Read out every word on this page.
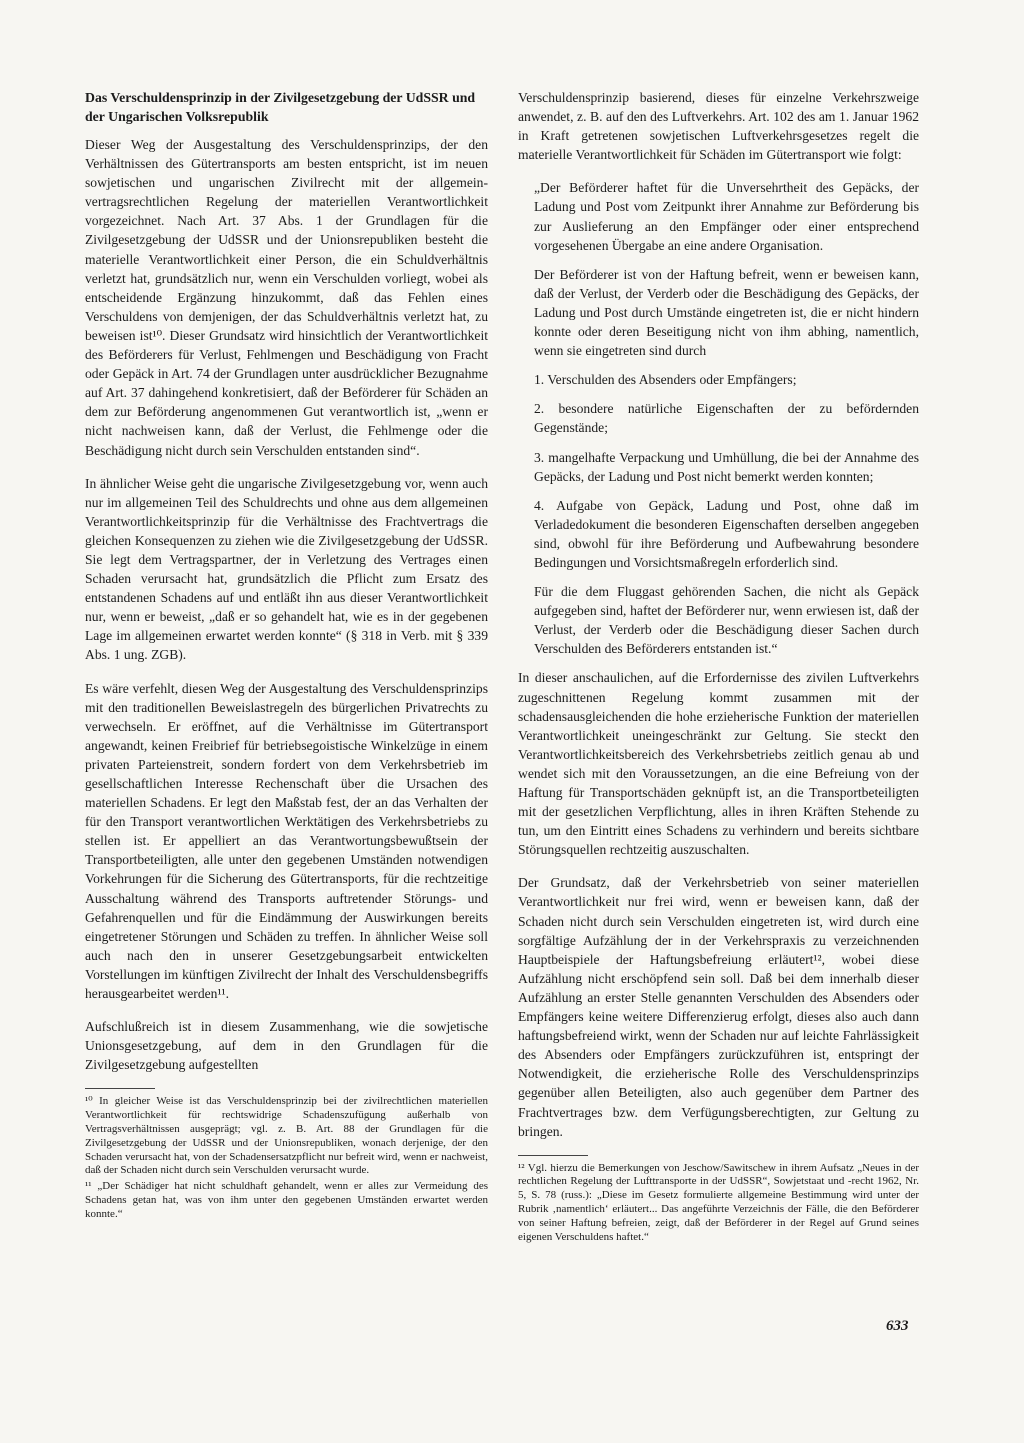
Das Verschuldensprinzip in der Zivilgesetzgebung der UdSSR und der Ungarischen Volksrepublik

Dieser Weg der Ausgestaltung des Verschuldensprinzips, der den Verhältnissen des Gütertransports am besten entspricht, ist im neuen sowjetischen und ungarischen Zivilrecht mit der allgemein-vertragsrechtlichen Regelung der materiellen Verantwortlichkeit vorgezeichnet. Nach Art. 37 Abs. 1 der Grundlagen für die Zivilgesetzgebung der UdSSR und der Unionsrepubliken besteht die materielle Verantwortlichkeit einer Person, die ein Schuldverhältnis verletzt hat, grundsätzlich nur, wenn ein Verschulden vorliegt, wobei als entscheidende Ergänzung hinzukommt, daß das Fehlen eines Verschuldens von demjenigen, der das Schuldverhältnis verletzt hat, zu beweisen ist¹⁰. Dieser Grundsatz wird hinsichtlich der Verantwortlichkeit des Beförderers für Verlust, Fehlmengen und Beschädigung von Fracht oder Gepäck in Art. 74 der Grundlagen unter ausdrücklicher Bezugnahme auf Art. 37 dahingehend konkretisiert, daß der Beförderer für Schäden an dem zur Beförderung angenommenen Gut verantwortlich ist, „wenn er nicht nachweisen kann, daß der Verlust, die Fehlmenge oder die Beschädigung nicht durch sein Verschulden entstanden sind“.

In ähnlicher Weise geht die ungarische Zivilgesetzgebung vor, wenn auch nur im allgemeinen Teil des Schuldrechts und ohne aus dem allgemeinen Verantwortlichkeitsprinzip für die Verhältnisse des Frachtvertrags die gleichen Konsequenzen zu ziehen wie die Zivilgesetzgebung der UdSSR. Sie legt dem Vertragspartner, der in Verletzung des Vertrages einen Schaden verursacht hat, grundsätzlich die Pflicht zum Ersatz des entstandenen Schadens auf und entläßt ihn aus dieser Verantwortlichkeit nur, wenn er beweist, „daß er so gehandelt hat, wie es in der gegebenen Lage im allgemeinen erwartet werden konnte“ (§ 318 in Verb. mit § 339 Abs. 1 ung. ZGB).

Es wäre verfehlt, diesen Weg der Ausgestaltung des Verschuldensprinzips mit den traditionellen Beweislastregeln des bürgerlichen Privatrechts zu verwechseln. Er eröffnet, auf die Verhältnisse im Gütertransport angewandt, keinen Freibrief für betriebsegoistische Winkelzüge in einem privaten Parteienstreit, sondern fordert von dem Verkehrsbetrieb im gesellschaftlichen Interesse Rechenschaft über die Ursachen des materiellen Schadens. Er legt den Maßstab fest, der an das Verhalten der für den Transport verantwortlichen Werktätigen des Verkehrsbetriebs zu stellen ist. Er appelliert an das Verantwortungsbewußtsein der Transportbeteiligten, alle unter den gegebenen Umständen notwendigen Vorkehrungen für die Sicherung des Gütertransports, für die rechtzeitige Ausschaltung während des Transports auftretender Störungs- und Gefahrenquellen und für die Eindämmung der Auswirkungen bereits eingetretener Störungen und Schäden zu treffen. In ähnlicher Weise soll auch nach den in unserer Gesetzgebungsarbeit entwickelten Vorstellungen im künftigen Zivilrecht der Inhalt des Verschuldensbegriffs herausgearbeitet werden¹¹.

Aufschlußreich ist in diesem Zusammenhang, wie die sowjetische Unionsgesetzgebung, auf dem in den Grundlagen für die Zivilgesetzgebung aufgestellten

¹⁰ In gleicher Weise ist das Verschuldensprinzip bei der zivilrechtlichen materiellen Verantwortlichkeit für rechtswidrige Schadenszufügung außerhalb von Vertragsverhältnissen ausgeprägt; vgl. z. B. Art. 88 der Grundlagen für die Zivilgesetzgebung der UdSSR und der Unionsrepubliken, wonach derjenige, der den Schaden verursacht hat, von der Schadensersatzpflicht nur befreit wird, wenn er nachweist, daß der Schaden nicht durch sein Verschulden verursacht wurde.

¹¹ „Der Schädiger hat nicht schuldhaft gehandelt, wenn er alles zur Vermeidung des Schadens getan hat, was von ihm unter den gegebenen Umständen erwartet werden konnte.“

Verschuldensprinzip basierend, dieses für einzelne Verkehrszweige anwendet, z. B. auf den des Luftverkehrs. Art. 102 des am 1. Januar 1962 in Kraft getretenen sowjetischen Luftverkehrsgesetzes regelt die materielle Verantwortlichkeit für Schäden im Gütertransport wie folgt:

„Der Beförderer haftet für die Unversehrtheit des Gepäcks, der Ladung und Post vom Zeitpunkt ihrer Annahme zur Beförderung bis zur Auslieferung an den Empfänger oder einer entsprechend vorgesehenen Übergabe an eine andere Organisation.

Der Beförderer ist von der Haftung befreit, wenn er beweisen kann, daß der Verlust, der Verderb oder die Beschädigung des Gepäcks, der Ladung und Post durch Umstände eingetreten ist, die er nicht hindern konnte oder deren Beseitigung nicht von ihm abhing, namentlich, wenn sie eingetreten sind durch

1. Verschulden des Absenders oder Empfängers;

2. besondere natürliche Eigenschaften der zu befördernden Gegenstände;

3. mangelhafte Verpackung und Umhüllung, die bei der Annahme des Gepäcks, der Ladung und Post nicht bemerkt werden konnten;

4. Aufgabe von Gepäck, Ladung und Post, ohne daß im Verladedokument die besonderen Eigenschaften derselben angegeben sind, obwohl für ihre Beförderung und Aufbewahrung besondere Bedingungen und Vorsichtsmaßregeln erforderlich sind.

Für die dem Fluggast gehörenden Sachen, die nicht als Gepäck aufgegeben sind, haftet der Beförderer nur, wenn erwiesen ist, daß der Verlust, der Verderb oder die Beschädigung dieser Sachen durch Verschulden des Beförderers entstanden ist.“

In dieser anschaulichen, auf die Erfordernisse des zivilen Luftverkehrs zugeschnittenen Regelung kommt zusammen mit der schadensausgleichenden die hohe erzieherische Funktion der materiellen Verantwortlichkeit uneingeschränkt zur Geltung. Sie steckt den Verantwortlichkeitsbereich des Verkehrsbetriebs zeitlich genau ab und wendet sich mit den Voraussetzungen, an die eine Befreiung von der Haftung für Transportschäden geknüpft ist, an die Transportbeteiligten mit der gesetzlichen Verpflichtung, alles in ihren Kräften Stehende zu tun, um den Eintritt eines Schadens zu verhindern und bereits sichtbare Störungsquellen rechtzeitig auszuschalten.

Der Grundsatz, daß der Verkehrsbetrieb von seiner materiellen Verantwortlichkeit nur frei wird, wenn er beweisen kann, daß der Schaden nicht durch sein Verschulden eingetreten ist, wird durch eine sorgfältige Aufzählung der in der Verkehrspraxis zu verzeichnenden Hauptbeispiele der Haftungsbefreiung erläutert¹², wobei diese Aufzählung nicht erschöpfend sein soll. Daß bei dem innerhalb dieser Aufzählung an erster Stelle genannten Verschulden des Absenders oder Empfängers keine weitere Differenzierug erfolgt, dieses also auch dann haftungsbefreiend wirkt, wenn der Schaden nur auf leichte Fahrlässigkeit des Absenders oder Empfängers zurückzuführen ist, entspringt der Notwendigkeit, die erzieherische Rolle des Verschuldensprinzips gegenüber allen Beteiligten, also auch gegenüber dem Partner des Frachtvertrages bzw. dem Verfügungsberechtigten, zur Geltung zu bringen.

¹² Vgl. hierzu die Bemerkungen von Jeschow/Sawitschew in ihrem Aufsatz „Neues in der rechtlichen Regelung der Lufttransporte in der UdSSR“, Sowjetstaat und -recht 1962, Nr. 5, S. 78 (russ.): „Diese im Gesetz formulierte allgemeine Bestimmung wird unter der Rubrik ‚namentlich‘ erläutert... Das angeführte Verzeichnis der Fälle, die den Beförderer von seiner Haftung befreien, zeigt, daß der Beförderer in der Regel auf Grund seines eigenen Verschuldens haftet.“

633
